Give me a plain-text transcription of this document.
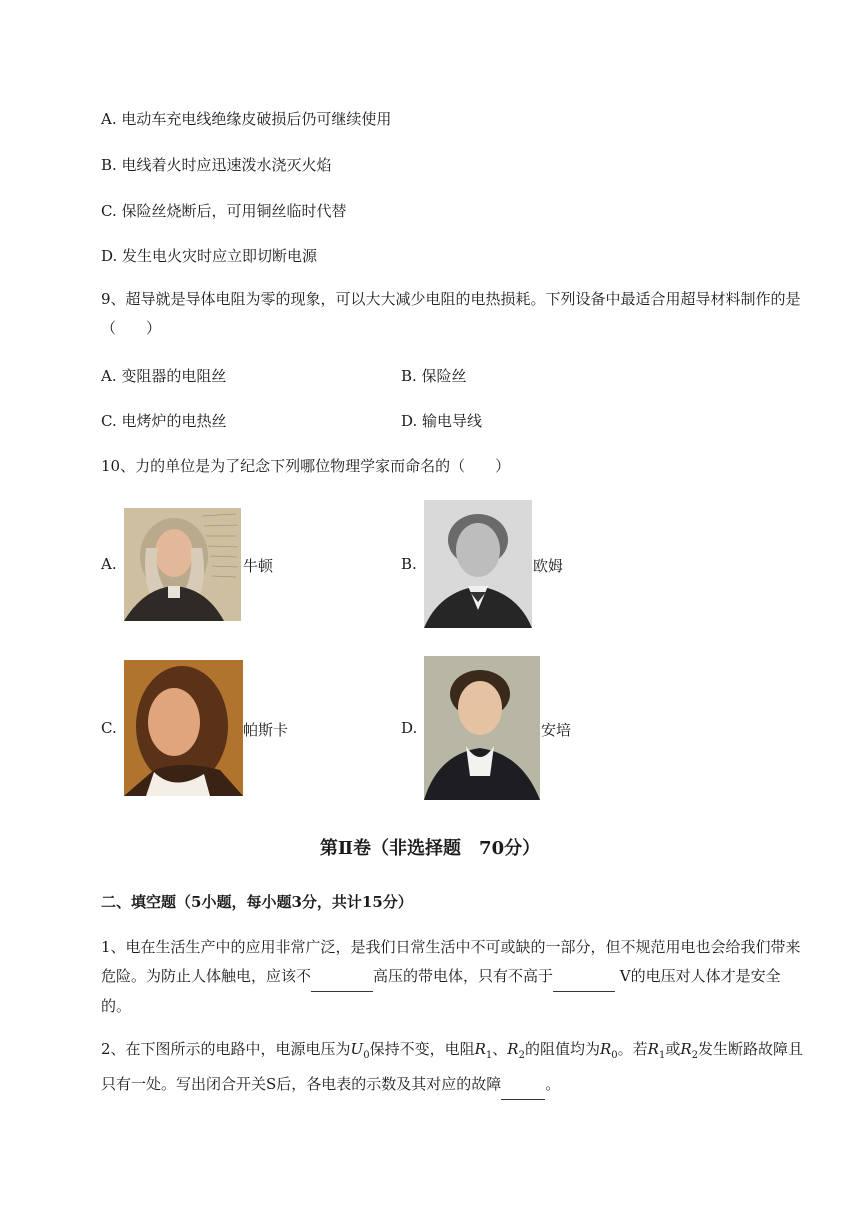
A. 电动车充电线绝缘皮破损后仍可继续使用
B. 电线着火时应迅速泼水浇灭火焰
C. 保险丝烧断后，可用铜丝临时代替
D. 发生电火灾时应立即切断电源
9、超导就是导体电阻为零的现象，可以大大减少电阻的电热损耗。下列设备中最适合用超导材料制作的是（　　）
A. 变阻器的电阻丝	B. 保险丝
C. 电烤炉的电热丝	D. 输电导线
10、力的单位是为了纪念下列哪位物理学家而命名的（　　）
A.	牛顿	B.	欧姆
C.	帕斯卡	D.	安培
第Ⅱ卷（非选择题　70分）
二、填空题（5小题，每小题3分，共计15分）
1、电在生活生产中的应用非常广泛，是我们日常生活中不可或缺的一部分，但不规范用电也会给我们带来危险。为防止人体触电，应该不	高压的带电体，只有不高于	V的电压对人体才是安全的。
2、在下图所示的电路中，电源电压为$U_0$保持不变，电阻$R_1$、$R_2$的阻值均为$R_0$。若$R_1$或$R_2$发生断路故障且只有一处。写出闭合开关S后，各电表的示数及其对应的故障	。
